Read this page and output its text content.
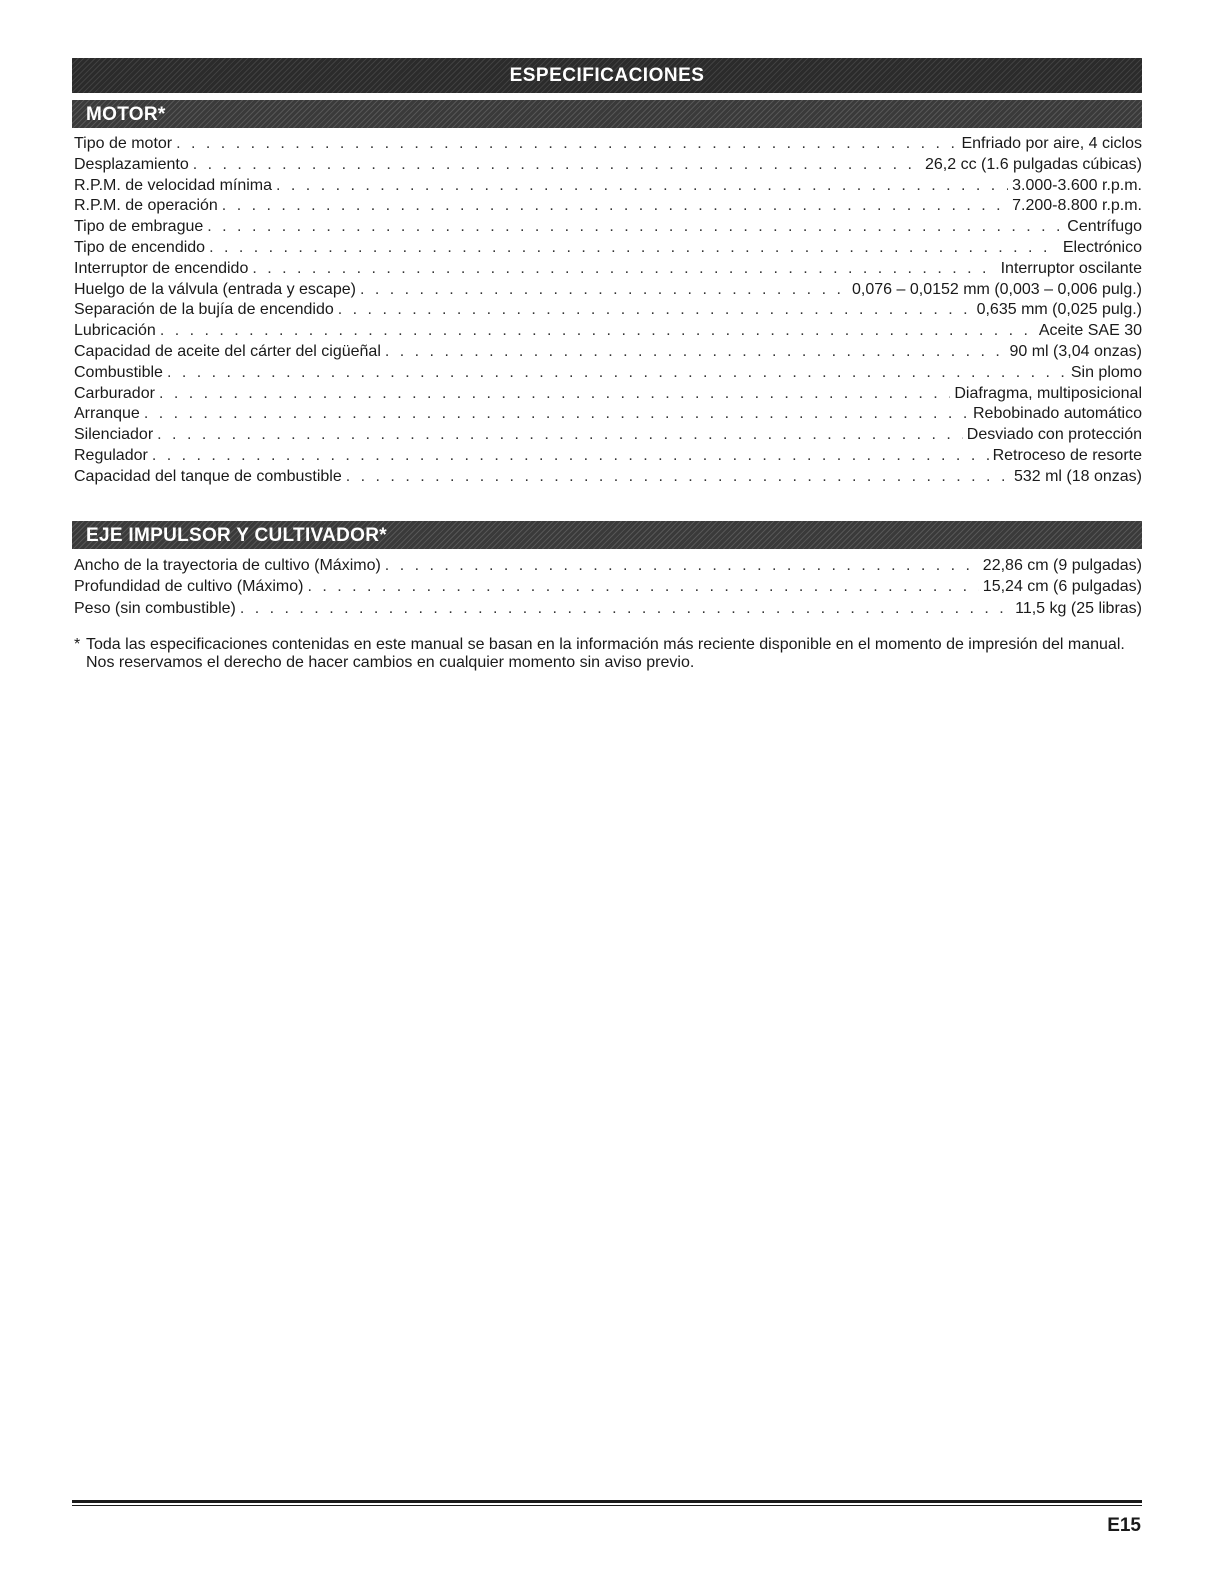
ESPECIFICACIONES
MOTOR*
Tipo de motor . . .	Enfriado por aire, 4 ciclos
Desplazamiento . . .	26,2 cc (1.6 pulgadas cúbicas)
R.P.M. de velocidad mínima . . .	3.000-3.600 r.p.m.
R.P.M. de operación . . .	7.200-8.800 r.p.m.
Tipo de embrague . . .	Centrífugo
Tipo de encendido . . .	Electrónico
Interruptor de encendido . . .	Interruptor oscilante
Huelgo de la válvula (entrada y escape) . . .	0,076 – 0,0152 mm (0,003 – 0,006 pulg.)
Separación de la bujía de encendido . . .	0,635 mm (0,025 pulg.)
Lubricación . . .	Aceite SAE 30
Capacidad de aceite del cárter del cigüeñal . . .	90 ml (3,04 onzas)
Combustible . . .	Sin plomo
Carburador . . .	Diafragma, multiposicional
Arranque . . .	Rebobinado automático
Silenciador . . .	Desviado con protección
Regulador . . .	Retroceso de resorte
Capacidad del tanque de combustible . . .	532 ml (18 onzas)
EJE IMPULSOR Y CULTIVADOR*
Ancho de la trayectoria de cultivo (Máximo) . . .	22,86 cm (9 pulgadas)
Profundidad de cultivo (Máximo) . . .	15,24 cm (6 pulgadas)
Peso (sin combustible) . . .	11,5 kg (25 libras)
* Toda las especificaciones contenidas en este manual se basan en la información más reciente disponible en el momento de impresión del manual. Nos reservamos el derecho de hacer cambios en cualquier momento sin aviso previo.
E15
